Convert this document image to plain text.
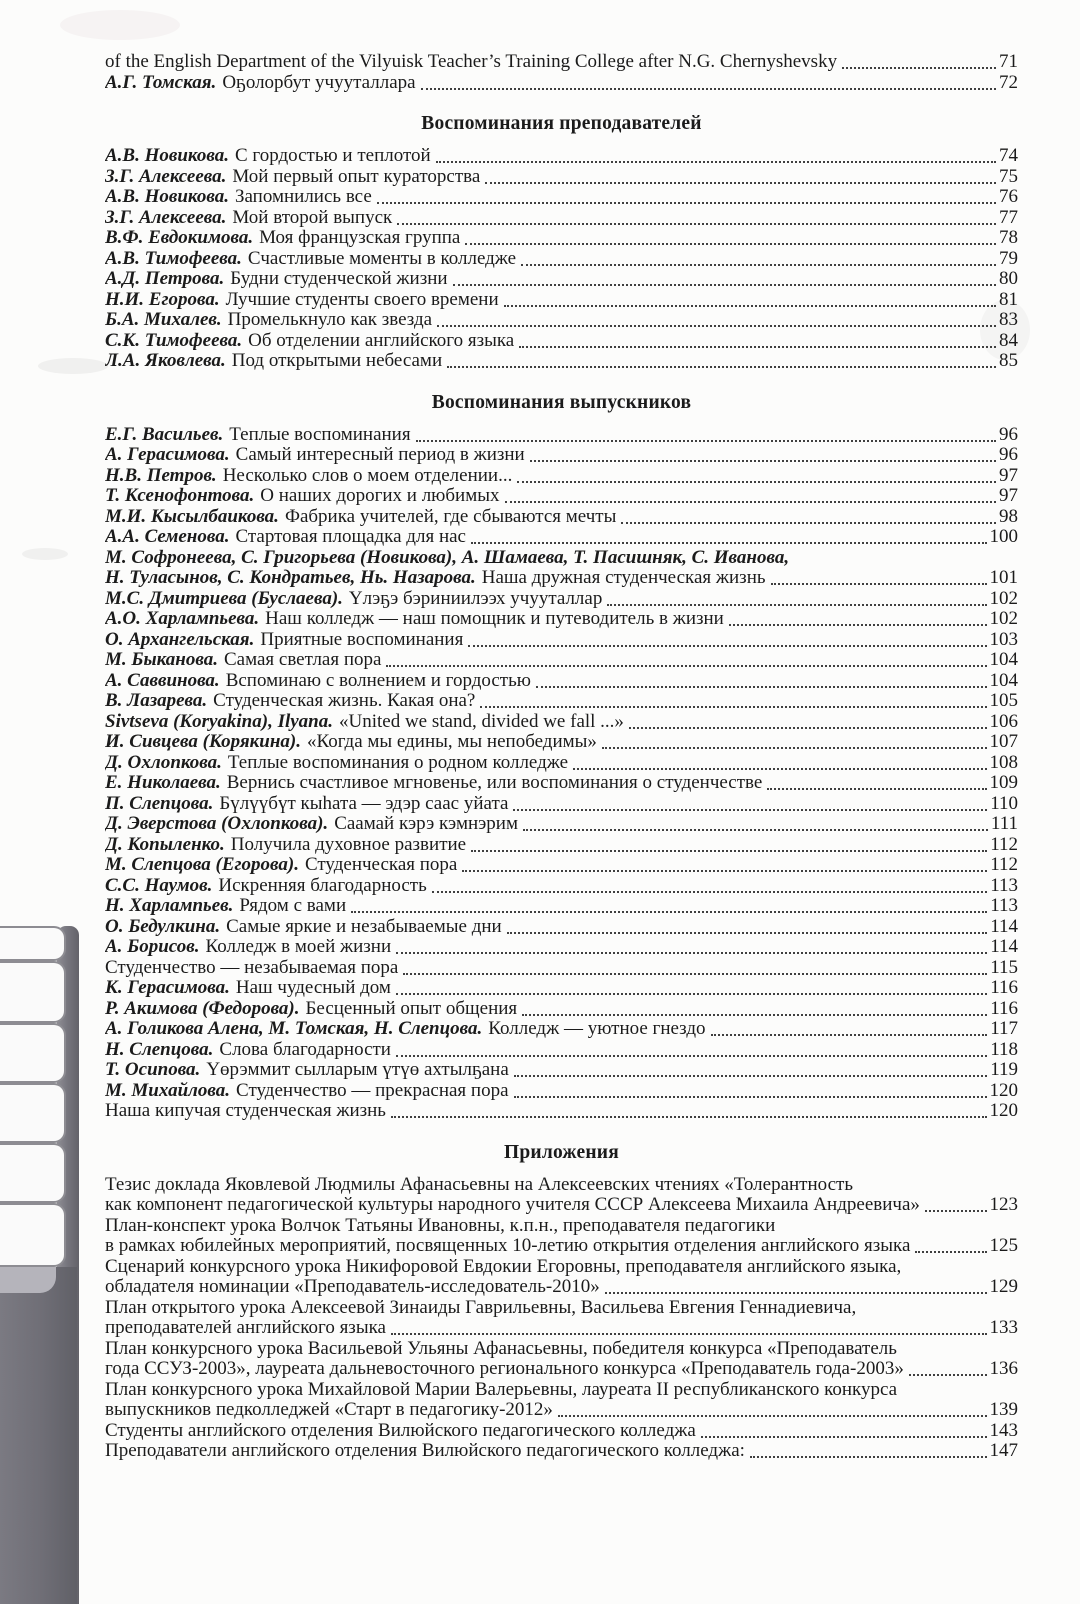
of the English Department of the Vilyuisk Teacher’s Training College after N.G. Chernyshevsky	71
А.Г. Томская. Оҕолорбут учууталлара	72
Воспоминания преподавателей
А.В. Новикова. С гордостью и теплотой	74
З.Г. Алексеева. Мой первый опыт кураторства	75
А.В. Новикова. Запомнились все	76
З.Г. Алексеева. Мой второй выпуск	77
В.Ф. Евдокимова. Моя французская группа	78
А.В. Тимофеева. Счастливые моменты в колледже	79
А.Д. Петрова. Будни студенческой жизни	80
Н.И. Егорова. Лучшие студенты своего времени	81
Б.А. Михалев. Промелькнуло как звезда	83
С.К. Тимофеева. Об отделении английского языка	84
Л.А. Яковлева. Под открытыми небесами	85
Воспоминания выпускников
Е.Г. Васильев. Теплые воспоминания	96
А. Герасимова. Самый интересный период в жизни	96
Н.В. Петров. Несколько слов о моем отделении...	97
Т. Ксенофонтова. О наших дорогих и любимых	97
М.И. Кысылбаикова. Фабрика учителей, где сбываются мечты	98
А.А. Семенова. Стартовая площадка для нас	100
М. Софронеева, С. Григорьева (Новикова), А. Шамаева, Т. Пасишняк, С. Иванова,
Н. Туласынов, С. Кондратьев, Нь. Назарова. Наша дружная студенческая жизнь	101
М.С. Дмитриева (Буслаева). Үлэҕэ бэриниилээх учууталлар	102
А.О. Харлампьева. Наш колледж — наш помощник и путеводитель в жизни	102
О. Архангельская. Приятные воспоминания	103
М. Быканова. Самая светлая пора	104
А. Саввинова. Вспоминаю с волнением и гордостью	104
В. Лазарева. Студенческая жизнь. Какая она?	105
Sivtseva (Koryakina), Ilyana. «United we stand, divided we fall ...»	106
И. Сивцева (Корякина). «Когда мы едины, мы непобедимы»	107
Д. Охлопкова. Теплые воспоминания о родном колледже	108
Е. Николаева. Вернись счастливое мгновенье, или воспоминания о студенчестве	109
П. Слепцова. Бүлүүбүт кыһата — эдэр саас уйата	110
Д. Эверстова (Охлопкова). Саамай кэрэ кэмнэрим	111
Д. Копыленко. Получила духовное развитие	112
М. Слепцова (Егорова). Студенческая пора	112
С.С. Наумов. Искренняя благодарность	113
Н. Харлампьев. Рядом с вами	113
О. Бедулкина. Самые яркие и незабываемые дни	114
А. Борисов. Колледж в моей жизни	114
Студенчество — незабываемая пора	115
К. Герасимова. Наш чудесный дом	116
Р. Акимова (Федорова). Бесценный опыт общения	116
А. Голикова Алена, М. Томская, Н. Слепцова. Колледж — уютное гнездо	117
Н. Слепцова. Слова благодарности	118
Т. Осипова. Үөрэммит сылларым үтүө ахтылҕана	119
М. Михайлова. Студенчество — прекрасная пора	120
Наша кипучая студенческая жизнь	120
Приложения
Тезис доклада Яковлевой Людмилы Афанасьевны на Алексеевских чтениях «Толерантность
как компонент педагогической культуры народного учителя СССР Алексеева Михаила Андреевича»	123
План-конспект урока Волчок Татьяны Ивановны, к.п.н., преподавателя педагогики
в рамках юбилейных мероприятий, посвященных 10-летию открытия отделения английского языка	125
Сценарий конкурсного урока Никифоровой Евдокии Егоровны, преподавателя английского языка,
обладателя номинации «Преподаватель-исследователь-2010»	129
План открытого урока Алексеевой Зинаиды Гаврильевны, Васильева Евгения Геннадиевича,
преподавателей английского языка	133
План конкурсного урока Васильевой Ульяны Афанасьевны, победителя конкурса «Преподаватель
года ССУЗ-2003», лауреата дальневосточного регионального конкурса «Преподаватель года-2003»	136
План конкурсного урока Михайловой Марии Валерьевны, лауреата II республиканского конкурса
выпускников педколледжей «Старт в педагогику-2012»	139
Студенты английского отделения Вилюйского педагогического колледжа	143
Преподаватели английского отделения Вилюйского педагогического колледжа:	147
